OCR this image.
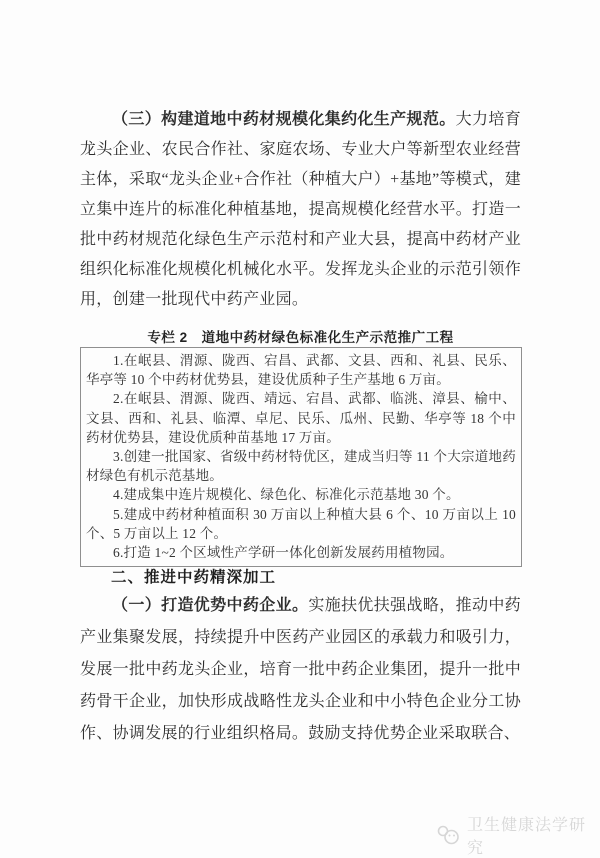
（三）构建道地中药材规模化集约化生产规范。大力培育龙头企业、农民合作社、家庭农场、专业大户等新型农业经营主体，采取“龙头企业+合作社（种植大户）+基地”等模式，建立集中连片的标准化种植基地，提高规模化经营水平。打造一批中药材规范化绿色生产示范村和产业大县，提高中药材产业组织化标准化规模化机械化水平。发挥龙头企业的示范引领作用，创建一批现代中药产业园。

专栏 2　道地中药材绿色标准化生产示范推广工程

1.在岷县、渭源、陇西、宕昌、武都、文县、西和、礼县、民乐、华亭等 10 个中药材优势县，建设优质种子生产基地 6 万亩。

2.在岷县、渭源、陇西、靖远、宕昌、武都、临洮、漳县、榆中、文县、西和、礼县、临潭、卓尼、民乐、瓜州、民勤、华亭等 18 个中药材优势县，建设优质种苗基地 17 万亩。

3.创建一批国家、省级中药材特优区，建成当归等 11 个大宗道地药材绿色有机示范基地。

4.建成集中连片规模化、绿色化、标准化示范基地 30 个。

5.建成中药材种植面积 30 万亩以上种植大县 6 个、10 万亩以上 10 个、5 万亩以上 12 个。

6.打造 1~2 个区域性产学研一体化创新发展药用植物园。

二、推进中药精深加工

（一）打造优势中药企业。实施扶优扶强战略，推动中药产业集聚发展，持续提升中医药产业园区的承载力和吸引力，发展一批中药龙头企业，培育一批中药企业集团，提升一批中药骨干企业，加快形成战略性龙头企业和中小特色企业分工协作、协调发展的行业组织格局。鼓励支持优势企业采取联合、

卫生健康法学研究
